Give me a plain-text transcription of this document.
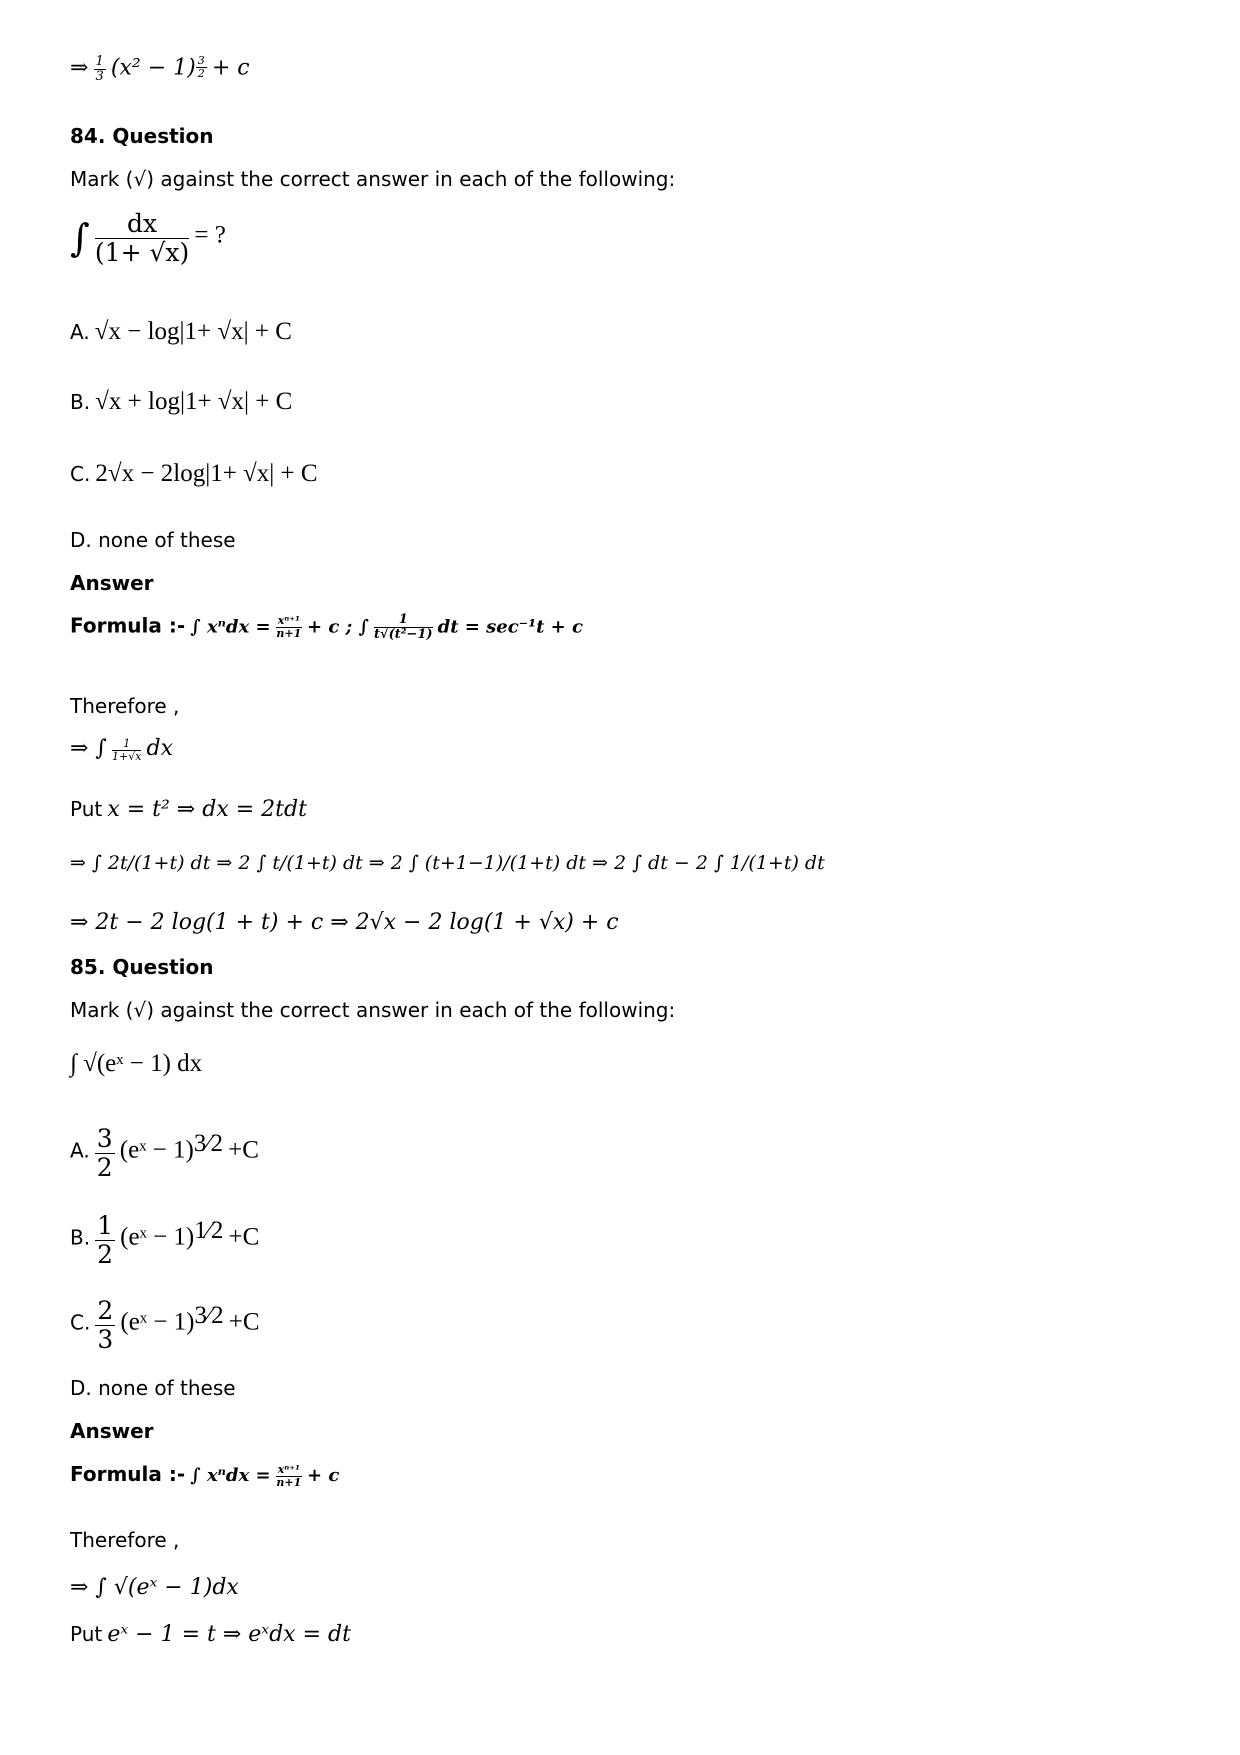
⇒ $\frac{1}{3} (x^2 - 1) \frac{3}{2} + c$
84. Question
Mark (√) against the correct answer in each of the following:
∫ $\frac{dx}{(1+ √x)}$ = ?
A. √x − log|1+ √x| + C
B. √x + log|1+ √x| + C
C. 2√x − 2log|1+ √x| + C
D. none of these
Answer
Formula :- ∫ $x^ndx = \frac{\text{xⁿ⁺¹}}{n+1} + c$ ; ∫ $\frac{1}{\text{t√(t²−1)}}$ dt = sec⁻¹t + c
Therefore ,
⇒ ∫ $\frac{1}{1+√x}$ dx
Put x = t² ⇒ dx = 2tdt
⇒ ∫ 2t/(1+t) dt ⇒ 2 ∫ t/(1+t) dt ⇒ 2 ∫ (t+1−1)/(1+t) dt ⇒ 2 ∫ dt − 2 ∫ 1/(1+t) dt
⇒ 2t − 2 log(1 + t) + c ⇒ 2√x − 2 log(1 + √x) + c
85. Question
Mark (√) against the correct answer in each of the following:
∫ √(eˣ − 1) dx
A. $\frac{3}{2}$ (eˣ − 1)$^{3⁄2}$ +C
B. $\frac{1}{2}$ (eˣ − 1)$^{1⁄2}$ +C
C. $\frac{2}{3}$ (eˣ − 1)$^{3⁄2}$ +C
D. none of these
Answer
Formula :- ∫ $x^ndx = \frac{\text{xⁿ⁺¹}}{n+1} + c$
Therefore ,
⇒ ∫ √(eˣ − 1)dx
Put eˣ − 1 = t ⇒ eˣdx = dt
